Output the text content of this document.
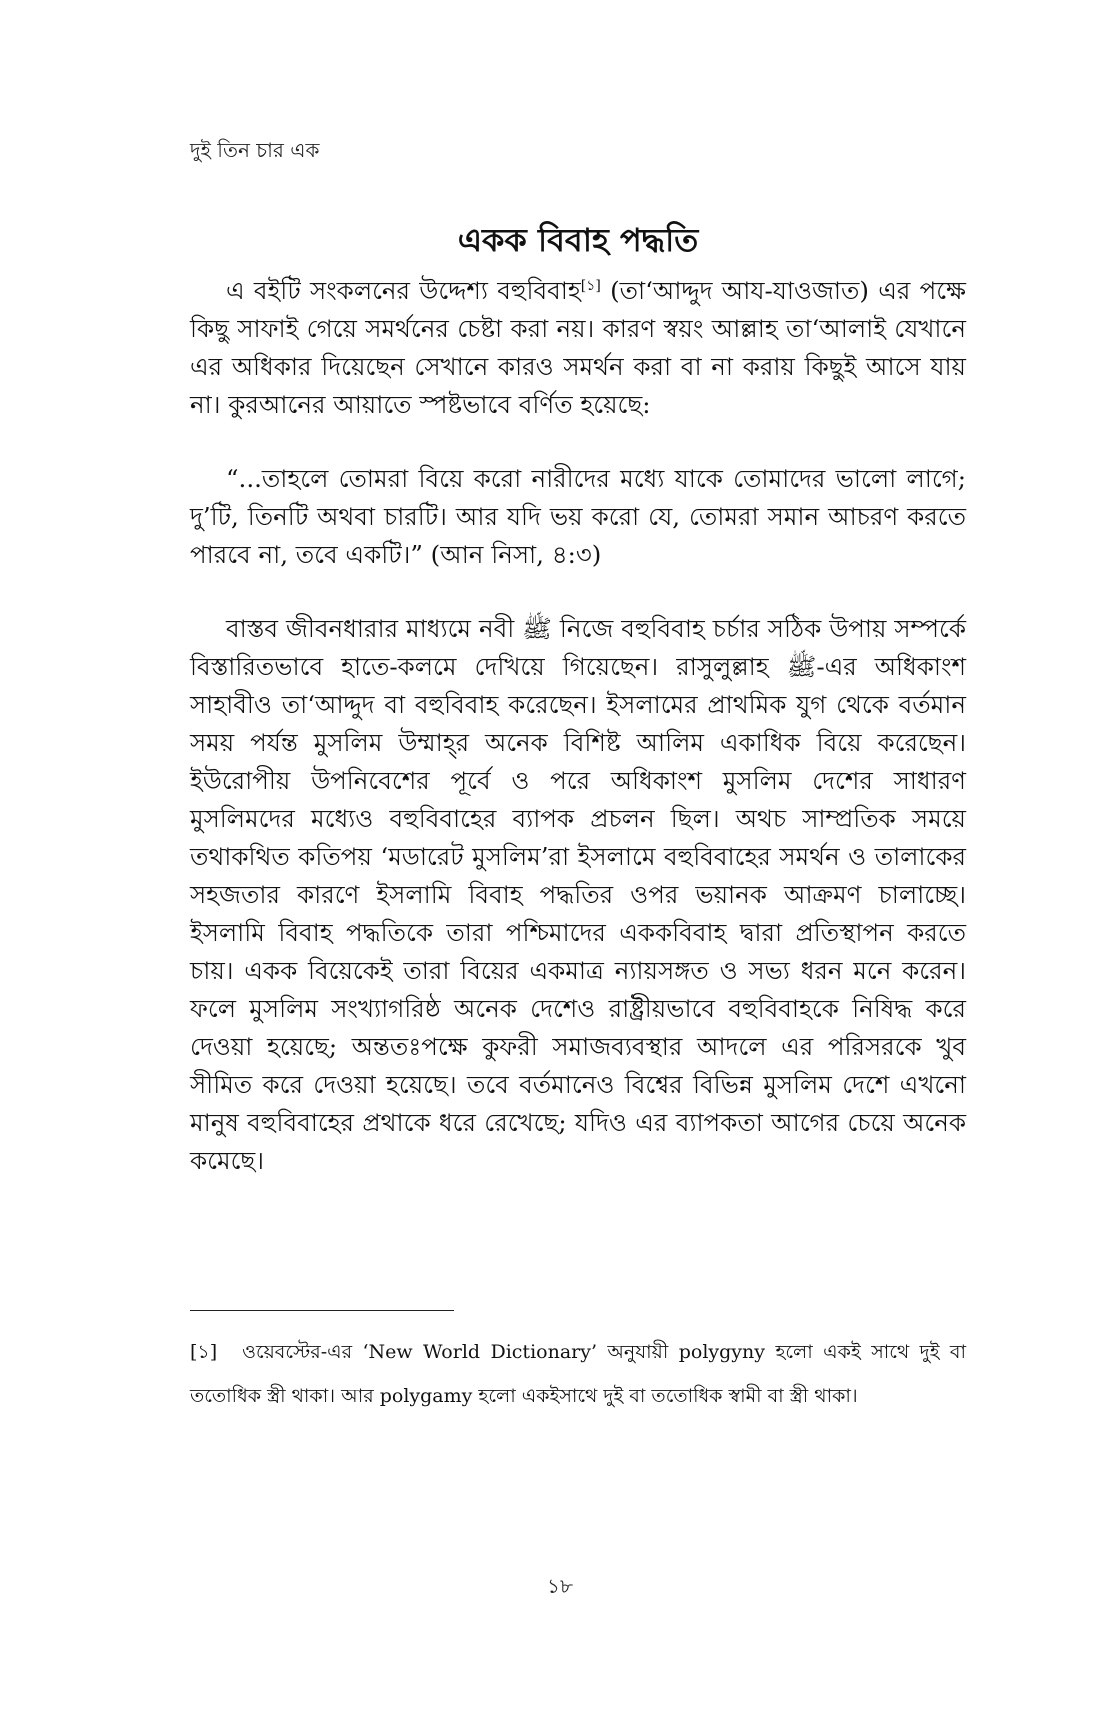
দুই তিন চার এক
একক বিবাহ পদ্ধতি

এ বইটি সংকলনের উদ্দেশ্য বহুবিবাহ[১] (তা‘আদ্দুদ আয-যাওজাত) এর পক্ষে কিছু সাফাই গেয়ে সমর্থনের চেষ্টা করা নয়। কারণ স্বয়ং আল্লাহ তা‘আলাই যেখানে এর অধিকার দিয়েছেন সেখানে কারও সমর্থন করা বা না করায় কিছুই আসে যায় না। কুরআনের আয়াতে স্পষ্টভাবে বর্ণিত হয়েছে:

“...তাহলে তোমরা বিয়ে করো নারীদের মধ্যে যাকে তোমাদের ভালো লাগে; দু’টি, তিনটি অথবা চারটি। আর যদি ভয় করো যে, তোমরা সমান আচরণ করতে পারবে না, তবে একটি।” (আন নিসা, ৪:৩)

বাস্তব জীবনধারার মাধ্যমে নবী ﷺ নিজে বহুবিবাহ চর্চার সঠিক উপায় সম্পর্কে বিস্তারিতভাবে হাতে-কলমে দেখিয়ে গিয়েছেন। রাসুলুল্লাহ ﷺ-এর অধিকাংশ সাহাবীও তা‘আদ্দুদ বা বহুবিবাহ করেছেন। ইসলামের প্রাথমিক যুগ থেকে বর্তমান সময় পর্যন্ত মুসলিম উম্মাহ্‌র অনেক বিশিষ্ট আলিম একাধিক বিয়ে করেছেন। ইউরোপীয় উপনিবেশের পূর্বে ও পরে অধিকাংশ মুসলিম দেশের সাধারণ মুসলিমদের মধ্যেও বহুবিবাহের ব্যাপক প্রচলন ছিল। অথচ সাম্প্রতিক সময়ে তথাকথিত কতিপয় ‘মডারেট মুসলিম’রা ইসলামে বহুবিবাহের সমর্থন ও তালাকের সহজতার কারণে ইসলামি বিবাহ পদ্ধতির ওপর ভয়ানক আক্রমণ চালাচ্ছে। ইসলামি বিবাহ পদ্ধতিকে তারা পশ্চিমাদের এককবিবাহ দ্বারা প্রতিস্থাপন করতে চায়। একক বিয়েকেই তারা বিয়ের একমাত্র ন্যায়সঙ্গত ও সভ্য ধরন মনে করেন। ফলে মুসলিম সংখ্যাগরিষ্ঠ অনেক দেশেও রাষ্ট্রীয়ভাবে বহুবিবাহকে নিষিদ্ধ করে দেওয়া হয়েছে; অন্ততঃপক্ষে কুফরী সমাজব্যবস্থার আদলে এর পরিসরকে খুব সীমিত করে দেওয়া হয়েছে। তবে বর্তমানেও বিশ্বের বিভিন্ন মুসলিম দেশে এখনো মানুষ বহুবিবাহের প্রথাকে ধরে রেখেছে; যদিও এর ব্যাপকতা আগের চেয়ে অনেক কমেছে।

[১] ওয়েবস্টের-এর ‘New World Dictionary’ অনুযায়ী polygyny হলো একই সাথে দুই বা ততোধিক স্ত্রী থাকা। আর polygamy হলো একইসাথে দুই বা ততোধিক স্বামী বা স্ত্রী থাকা।

১৮
